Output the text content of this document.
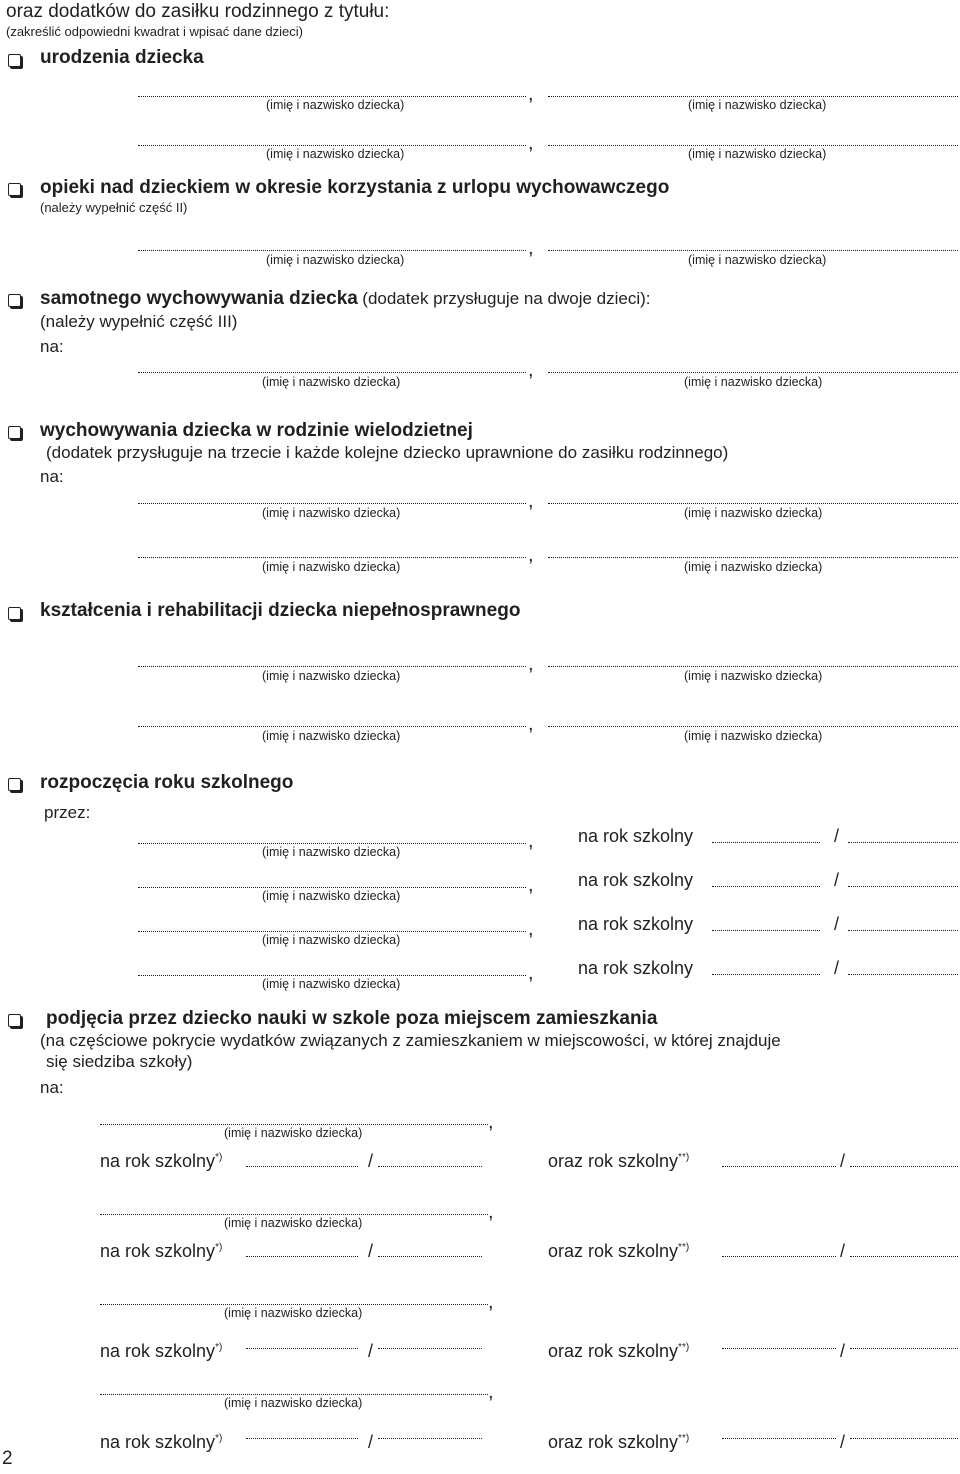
oraz dodatków do zasiłku rodzinnego z tytułu:
(zakreślić odpowiedni kwadrat i wpisać dane dzieci)
urodzenia dziecka
,
(imię i nazwisko dziecka)	(imię i nazwisko dziecka)
,
(imię i nazwisko dziecka)	(imię i nazwisko dziecka)
opieki nad dzieckiem w okresie korzystania z urlopu wychowawczego
(należy wypełnić część II)
,
(imię i nazwisko dziecka)	(imię i nazwisko dziecka)
samotnego wychowywania dziecka (dodatek przysługuje na dwoje dzieci):
(należy wypełnić część III)
na:
,
(imię i nazwisko dziecka)	(imię i nazwisko dziecka)
wychowywania dziecka w rodzinie wielodzietnej
(dodatek przysługuje na trzecie i każde kolejne dziecko uprawnione do zasiłku rodzinnego)
na:
,
(imię i nazwisko dziecka)	(imię i nazwisko dziecka)
,
(imię i nazwisko dziecka)	(imię i nazwisko dziecka)
kształcenia i rehabilitacji dziecka niepełnosprawnego
,
(imię i nazwisko dziecka)	(imię i nazwisko dziecka)
,
(imię i nazwisko dziecka)	(imię i nazwisko dziecka)
rozpoczęcia roku szkolnego
przez:
,
(imię i nazwisko dziecka)
na rok szkolny	/
,
(imię i nazwisko dziecka)
na rok szkolny	/
,
(imię i nazwisko dziecka)
na rok szkolny	/
,
(imię i nazwisko dziecka)
na rok szkolny	/
podjęcia przez dziecko nauki w szkole poza miejscem zamieszkania
(na częściowe pokrycie wydatków związanych z zamieszkaniem w miejscowości, w której znajduje
się siedziba szkoły)
na:
,
(imię i nazwisko dziecka)
na rok szkolny*)	/	oraz rok szkolny**)	/
,
(imię i nazwisko dziecka)
na rok szkolny*)	/	oraz rok szkolny**)	/
,
(imię i nazwisko dziecka)
na rok szkolny*)	/	oraz rok szkolny**)	/
,
(imię i nazwisko dziecka)
na rok szkolny*)	/	oraz rok szkolny**)	/
2
